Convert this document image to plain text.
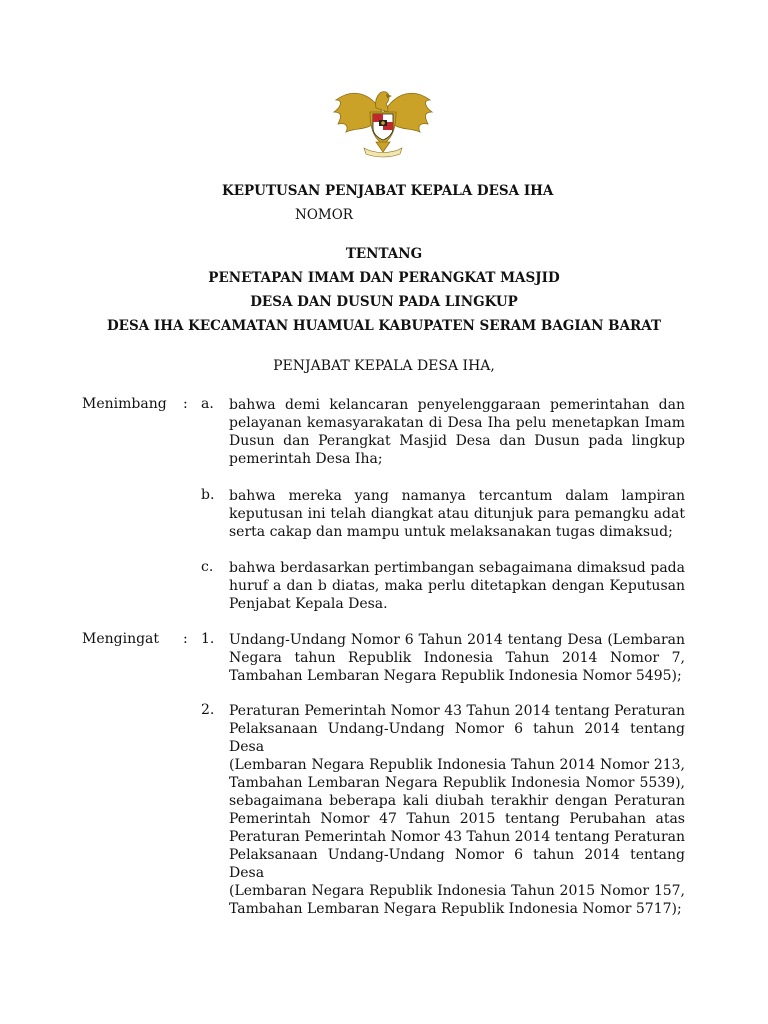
KEPUTUSAN PENJABAT KEPALA DESA IHA
NOMOR
TENTANG
PENETAPAN IMAM DAN PERANGKAT MASJID
DESA DAN DUSUN PADA LINGKUP
DESA IHA KECAMATAN HUAMUAL KABUPATEN SERAM BAGIAN BARAT
PENJABAT KEPALA DESA IHA,
Menimbang : a. bahwa demi kelancaran penyelenggaraan pemerintahan dan
pelayanan kemasyarakatan di Desa Iha pelu menetapkan Imam
Dusun dan Perangkat Masjid Desa dan Dusun pada lingkup
pemerintah Desa Iha;
b. bahwa mereka yang namanya tercantum dalam lampiran
keputusan ini telah diangkat atau ditunjuk para pemangku adat
serta cakap dan mampu untuk melaksanakan tugas dimaksud;
c. bahwa berdasarkan pertimbangan sebagaimana dimaksud pada
huruf a dan b diatas, maka perlu ditetapkan dengan Keputusan
Penjabat Kepala Desa.
Mengingat : 1. Undang-Undang Nomor 6 Tahun 2014 tentang Desa (Lembaran
Negara tahun Republik Indonesia Tahun 2014 Nomor 7,
Tambahan Lembaran Negara Republik Indonesia Nomor 5495);
2. Peraturan Pemerintah Nomor 43 Tahun 2014 tentang Peraturan
Pelaksanaan Undang-Undang Nomor 6 tahun 2014 tentang Desa
(Lembaran Negara Republik Indonesia Tahun 2014 Nomor 213,
Tambahan Lembaran Negara Republik Indonesia Nomor 5539),
sebagaimana beberapa kali diubah terakhir dengan Peraturan
Pemerintah Nomor 47 Tahun 2015 tentang Perubahan atas
Peraturan Pemerintah Nomor 43 Tahun 2014 tentang Peraturan
Pelaksanaan Undang-Undang Nomor 6 tahun 2014 tentang Desa
(Lembaran Negara Republik Indonesia Tahun 2015 Nomor 157,
Tambahan Lembaran Negara Republik Indonesia Nomor 5717);
